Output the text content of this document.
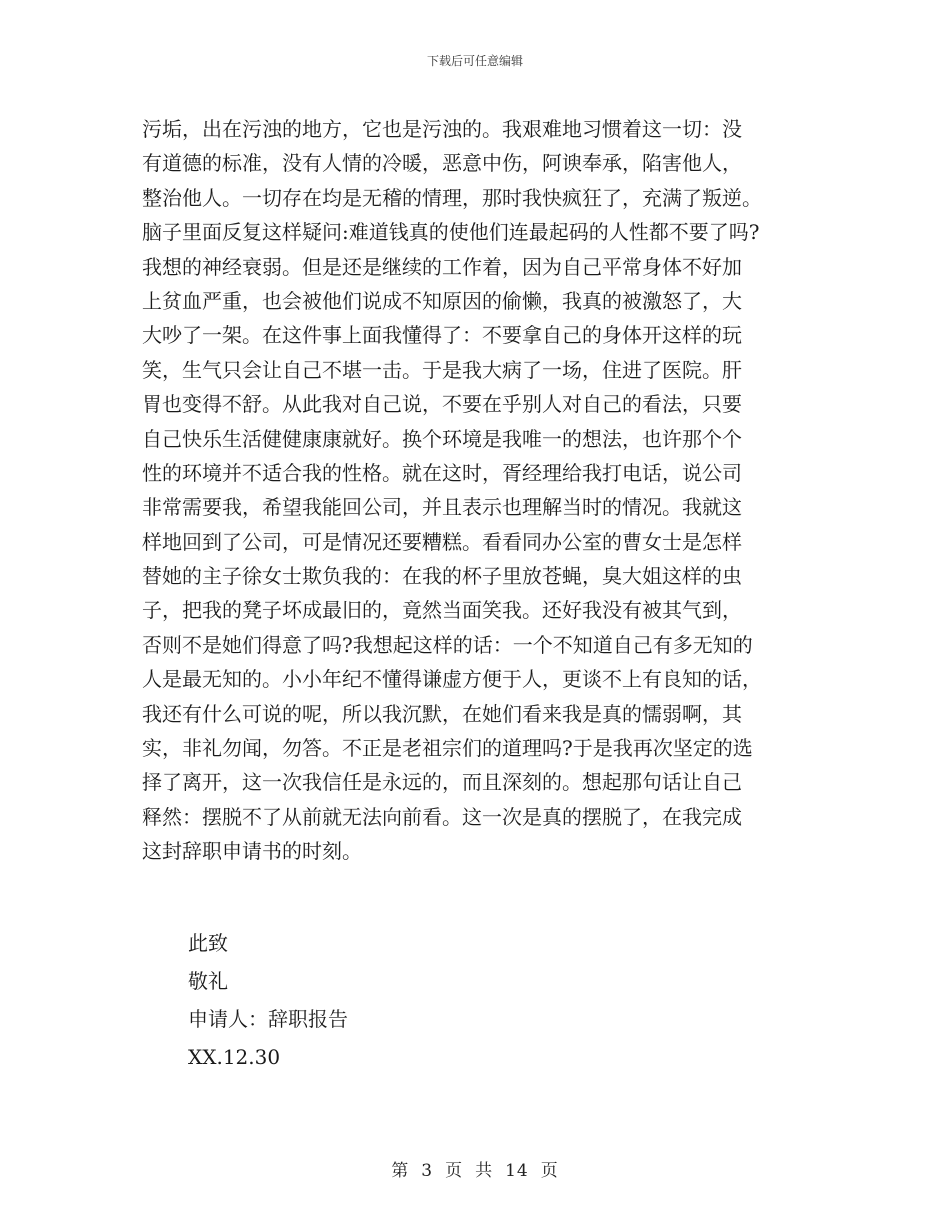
下载后可任意编辑
污垢，出在污浊的地方，它也是污浊的。我艰难地习惯着这一切：没
有道德的标准，没有人情的冷暖，恶意中伤，阿谀奉承，陷害他人，
整治他人。一切存在均是无稽的情理，那时我快疯狂了，充满了叛逆。
脑子里面反复这样疑问:难道钱真的使他们连最起码的人性都不要了吗?
我想的神经衰弱。但是还是继续的工作着，因为自己平常身体不好加
上贫血严重，也会被他们说成不知原因的偷懒，我真的被激怒了，大
大吵了一架。在这件事上面我懂得了：不要拿自己的身体开这样的玩
笑，生气只会让自己不堪一击。于是我大病了一场，住进了医院。肝
胃也变得不舒。从此我对自己说，不要在乎别人对自己的看法，只要
自己快乐生活健健康康就好。换个环境是我唯一的想法，也许那个个
性的环境并不适合我的性格。就在这时，胥经理给我打电话，说公司
非常需要我，希望我能回公司，并且表示也理解当时的情况。我就这
样地回到了公司，可是情况还要糟糕。看看同办公室的曹女士是怎样
替她的主子徐女士欺负我的：在我的杯子里放苍蝇，臭大姐这样的虫
子，把我的凳子坏成最旧的，竟然当面笑我。还好我没有被其气到，
否则不是她们得意了吗?我想起这样的话：一个不知道自己有多无知的
人是最无知的。小小年纪不懂得谦虚方便于人，更谈不上有良知的话，
我还有什么可说的呢，所以我沉默，在她们看来我是真的懦弱啊，其
实，非礼勿闻，勿答。不正是老祖宗们的道理吗?于是我再次坚定的选
择了离开，这一次我信任是永远的，而且深刻的。想起那句话让自己
释然：摆脱不了从前就无法向前看。这一次是真的摆脱了，在我完成
这封辞职申请书的时刻。
此致
敬礼
申请人：辞职报告
XX.12.30
第 3 页 共 14 页
